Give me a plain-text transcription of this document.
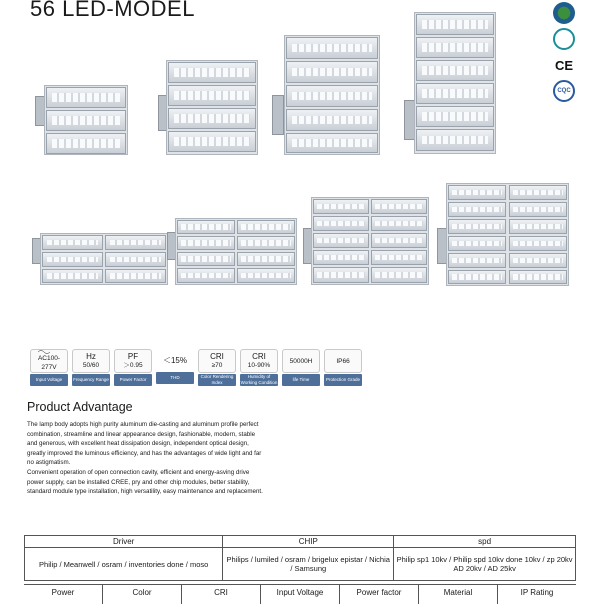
56 LED-MODEL
CE
CQC
AC100-277V
Input Voltage
Hz
50/60
Frequency Range
PF
＞0.95
Power Factor
＜15%
THD
CRI
≥70
Color Rendering Index
CRI
10-90%
Humidity of Working Condition
50000H
life Time
IP66
Protection Grade
Product Advantage

The lamp body adopts high purity aluminum die-casting and aluminum profile perfect combination, streamline and linear appearance design, fashionable, modern, stable and generous, with excellent heat dissipation design, independent optical design, greatly improved the luminous efficiency, and has the advantages of wide light and far no astigmatism.

Convenient operation of open connection cavity, efficient and energy-asving drive power supply, can be installed CREE, pry and other chip modules, better stability, standard module type installation, high versatility, easy maintenance and replacement.

Driver	CHIP	spd
Philip / Meanwell / osram / inventories done / moso	Philips / lumiled / osram / brigelux epistar / Nichia / Samsung	Philip sp1 10kv / Philip spd 10kv done 10kv / zp 20kv AD 20kv / AD 25kv
Power	Color	CRI	Input Voltage	Power factor	Material	IP Rating
